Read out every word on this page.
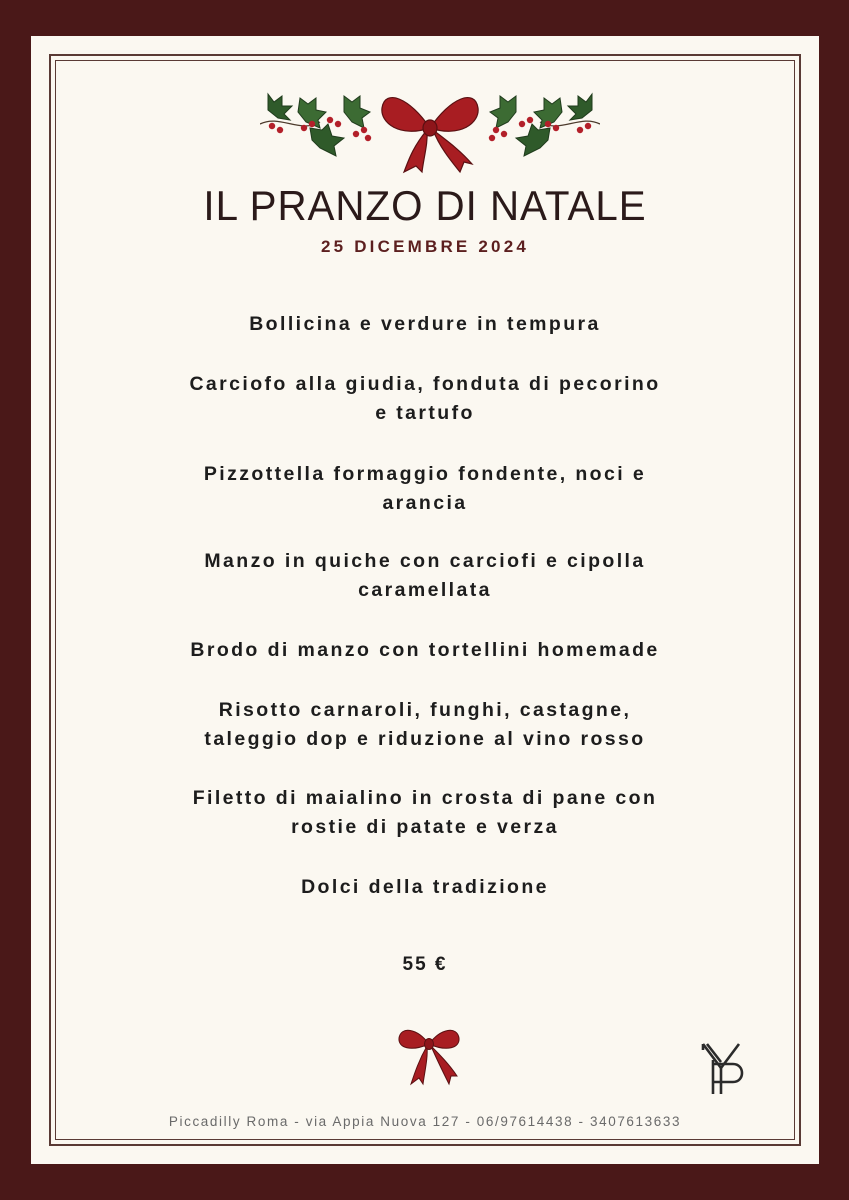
IL PRANZO DI NATALE
25 DICEMBRE 2024
Bollicina e verdure in tempura
Carciofo alla giudia, fonduta di pecorino
e tartufo
Pizzottella formaggio fondente, noci e
arancia
Manzo in quiche con carciofi e cipolla
caramellata
Brodo di manzo con tortellini homemade
Risotto carnaroli, funghi, castagne,
taleggio dop e riduzione al vino rosso
Filetto di maialino in crosta di pane con
rostie di patate e verza
Dolci della tradizione
55 €
Piccadilly Roma - via Appia Nuova 127 - 06/97614438 - 3407613633
